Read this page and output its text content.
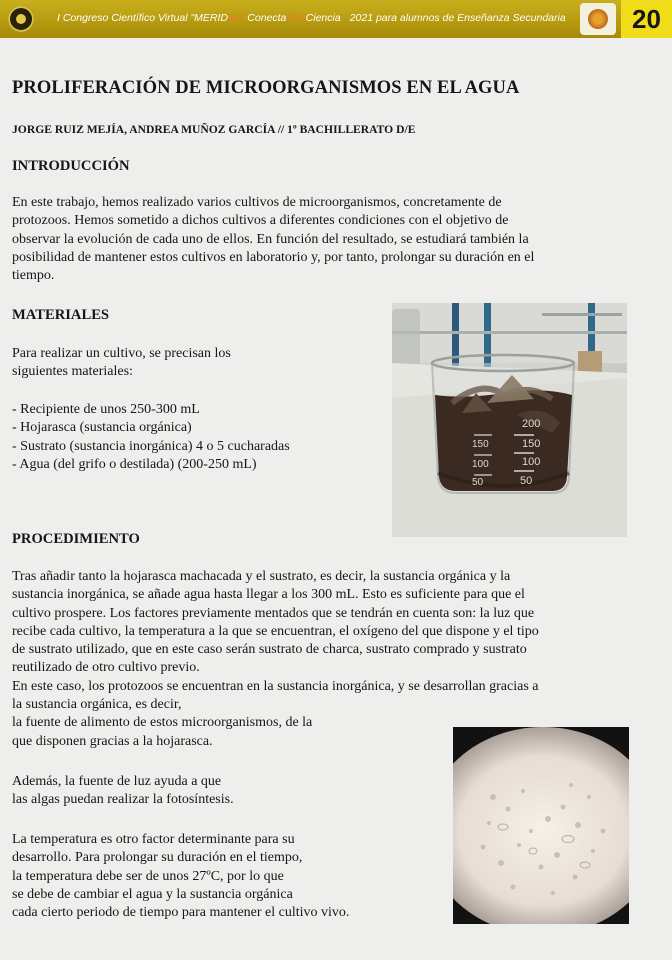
I Congreso Científico Virtual "MERIDIeS-ConectaConCiencia 2021 para alumnos de Enseñanza Secundaria	20
PROLIFERACIÓN DE MICROORGANISMOS EN EL AGUA
JORGE RUIZ MEJÍA, ANDREA MUÑOZ GARCÍA // 1º BACHILLERATO D/E
INTRODUCCIÓN
En este trabajo, hemos realizado varios cultivos de microorganismos, concretamente de
protozoos. Hemos sometido a dichos cultivos a diferentes condiciones con el objetivo de
observar la evolución de cada uno de ellos. En función del resultado, se estudiará también la
posibilidad de mantener estos cultivos en laboratorio y, por tanto, prolongar su duración en el
tiempo.
MATERIALES
Para realizar un cultivo, se precisan los
siguientes materiales:
- Recipiente de unos 250-300 mL
- Hojarasca (sustancia orgánica)
- Sustrato (sustancia inorgánica) 4 o 5 cucharadas
- Agua (del grifo o destilada) (200-250 mL)
200
150
100
50
150
100
50
PROCEDIMIENTO
Tras añadir tanto la hojarasca machacada y el sustrato, es decir, la sustancia orgánica y la
sustancia inorgánica, se añade agua hasta llegar a los 300 mL. Esto es suficiente para que el
cultivo prospere. Los factores previamente mentados que se tendrán en cuenta son: la luz que
recibe cada cultivo, la temperatura a la que se encuentran, el oxígeno del que dispone y el tipo
de sustrato utilizado, que en este caso serán sustrato de charca, sustrato comprado y sustrato
reutilizado de otro cultivo previo.
En este caso, los protozoos se encuentran en la sustancia inorgánica, y se desarrollan gracias a
la sustancia orgánica, es decir,
la fuente de alimento de estos microorganismos, de la
que disponen gracias a la hojarasca.
Además, la fuente de luz ayuda a que
las algas puedan realizar la fotosíntesis.
La temperatura es otro factor determinante para su
desarrollo. Para prolongar su duración en el tiempo,
la temperatura debe ser de unos 27ºC, por lo que
se debe de cambiar el agua y la sustancia orgánica
cada cierto periodo de tiempo para mantener el cultivo vivo.
